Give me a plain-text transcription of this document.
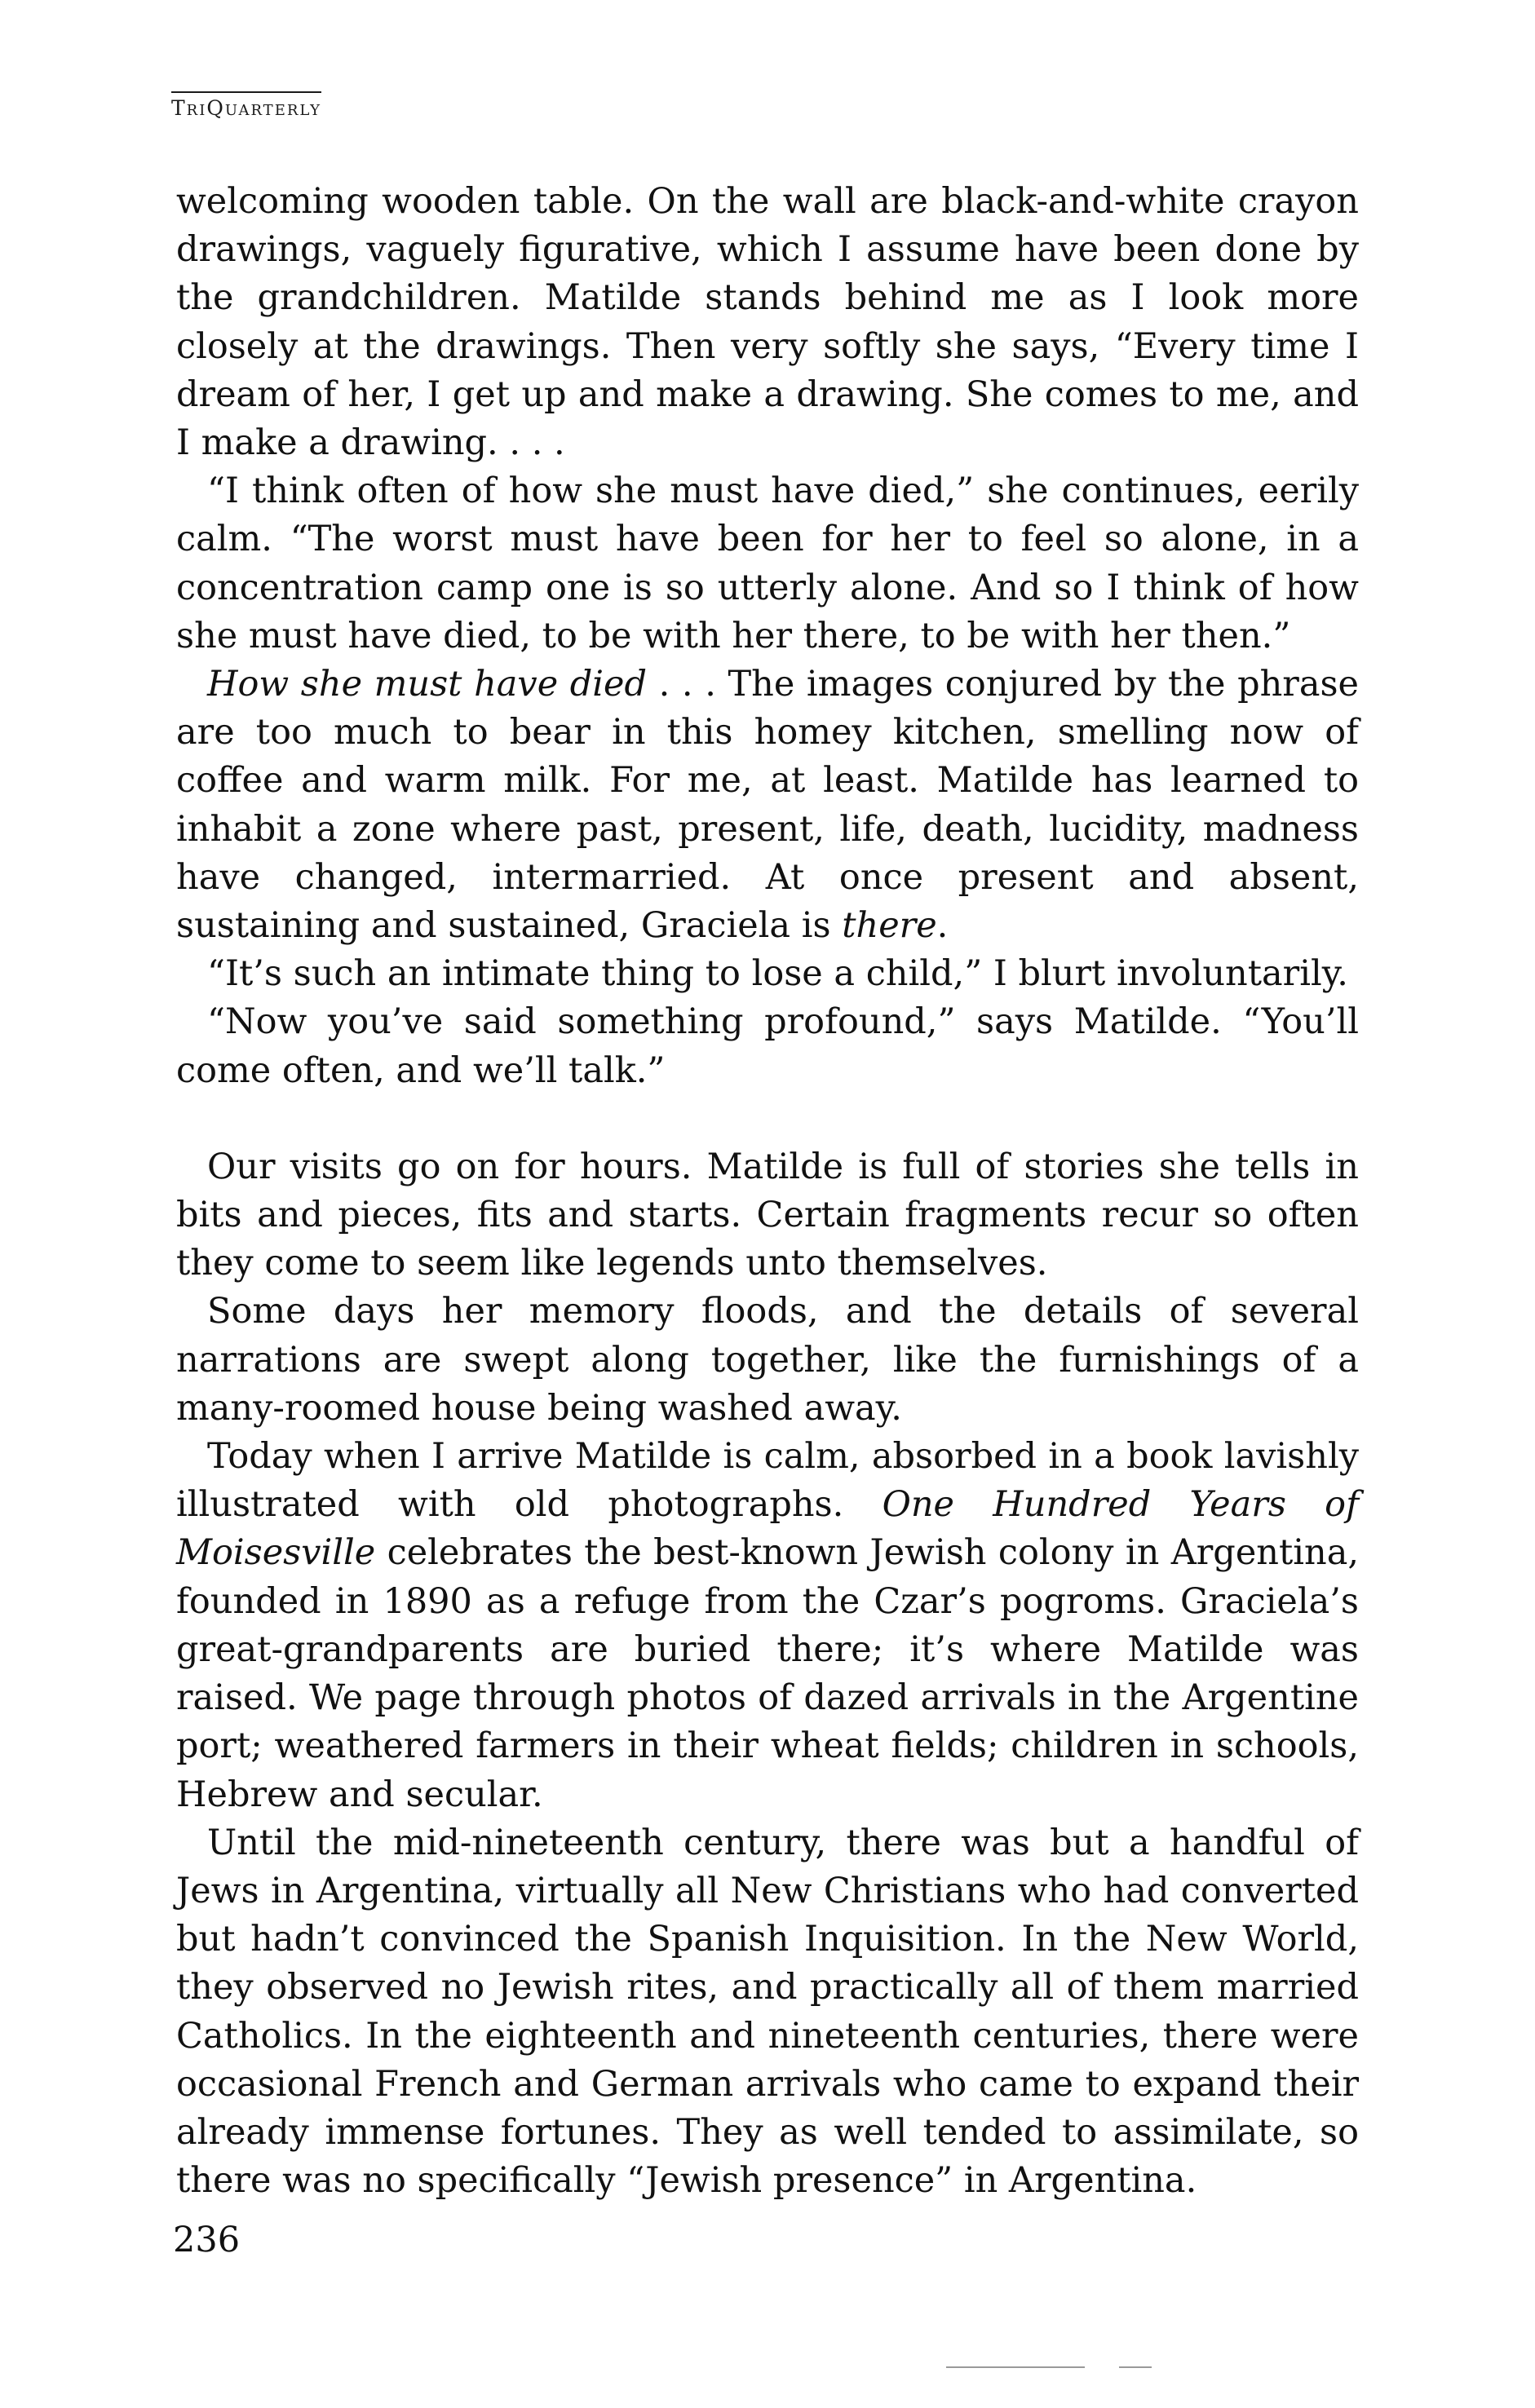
TriQuarterly

welcoming wooden table. On the wall are black-and-white crayon drawings, vaguely figurative, which I assume have been done by the grandchildren. Matilde stands behind me as I look more closely at the drawings. Then very softly she says, “Every time I dream of her, I get up and make a drawing. She comes to me, and I make a drawing. . . .

“I think often of how she must have died,” she continues, eerily calm. “The worst must have been for her to feel so alone, in a concentration camp one is so utterly alone. And so I think of how she must have died, to be with her there, to be with her then.”

How she must have died . . . The images conjured by the phrase are too much to bear in this homey kitchen, smelling now of coffee and warm milk. For me, at least. Matilde has learned to inhabit a zone where past, present, life, death, lucidity, madness have changed, intermarried. At once present and absent, sustaining and sustained, Graciela is there.

“It’s such an intimate thing to lose a child,” I blurt involuntarily.

“Now you’ve said something profound,” says Matilde. “You’ll come often, and we’ll talk.”

Our visits go on for hours. Matilde is full of stories she tells in bits and pieces, fits and starts. Certain fragments recur so often they come to seem like legends unto themselves.

Some days her memory floods, and the details of several narrations are swept along together, like the furnishings of a many-roomed house being washed away.

Today when I arrive Matilde is calm, absorbed in a book lavishly illustrated with old photographs. One Hundred Years of Moisesville celebrates the best-known Jewish colony in Argentina, founded in 1890 as a refuge from the Czar’s pogroms. Graciela’s great-grandparents are buried there; it’s where Matilde was raised. We page through photos of dazed arrivals in the Argentine port; weathered farmers in their wheat fields; children in schools, Hebrew and secular.

Until the mid-nineteenth century, there was but a handful of Jews in Argentina, virtually all New Christians who had converted but hadn’t convinced the Spanish Inquisition. In the New World, they observed no Jewish rites, and practically all of them married Catholics. In the eighteenth and nineteenth centuries, there were occasional French and German arrivals who came to expand their already immense fortunes. They as well tended to assimilate, so there was no specifically “Jewish presence” in Argentina.

236
